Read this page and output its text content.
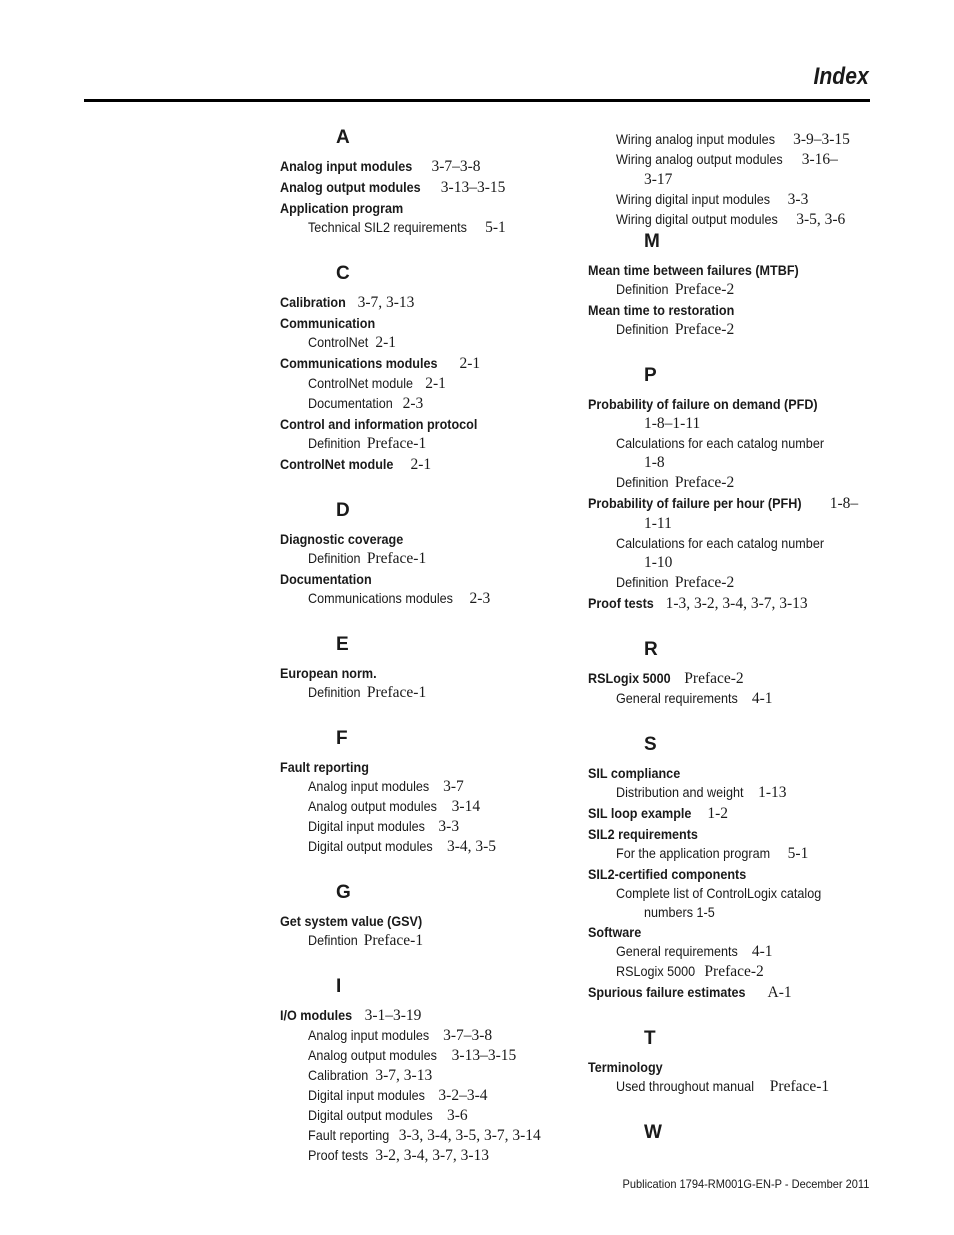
Index
A
Analog input modules 3-7–3-8
Analog output modules 3-13–3-15
Application program
Technical SIL2 requirements 5-1
C
Calibration 3-7, 3-13
Communication
ControlNet 2-1
Communications modules 2-1
ControlNet module 2-1
Documentation 2-3
Control and information protocol
Definition Preface-1
ControlNet module 2-1
D
Diagnostic coverage
Definition Preface-1
Documentation
Communications modules 2-3
E
European norm.
Definition Preface-1
F
Fault reporting
Analog input modules 3-7
Analog output modules 3-14
Digital input modules 3-3
Digital output modules 3-4, 3-5
G
Get system value (GSV)
Defintion Preface-1
I
I/O modules 3-1–3-19
Analog input modules 3-7–3-8
Analog output modules 3-13–3-15
Calibration 3-7, 3-13
Digital input modules 3-2–3-4
Digital output modules 3-6
Fault reporting 3-3, 3-4, 3-5, 3-7, 3-14
Proof tests 3-2, 3-4, 3-7, 3-13
Wiring analog input modules 3-9–3-15
Wiring analog output modules 3-16–
3-17
Wiring digital input modules 3-3
Wiring digital output modules 3-5, 3-6
M
Mean time between failures (MTBF)
Definition Preface-2
Mean time to restoration
Definition Preface-2
P
Probability of failure on demand (PFD)
1-8–1-11
Calculations for each catalog number
1-8
Definition Preface-2
Probability of failure per hour (PFH) 1-8–
1-11
Calculations for each catalog number
1-10
Definition Preface-2
Proof tests 1-3, 3-2, 3-4, 3-7, 3-13
R
RSLogix 5000 Preface-2
General requirements 4-1
S
SIL compliance
Distribution and weight 1-13
SIL loop example 1-2
SIL2 requirements
For the application program 5-1
SIL2-certified components
Complete list of ControlLogix catalog
numbers 1-5
Software
General requirements 4-1
RSLogix 5000 Preface-2
Spurious failure estimates A-1
T
Terminology
Used throughout manual Preface-1
W

Publication 1794-RM001G-EN-P - December 2011
